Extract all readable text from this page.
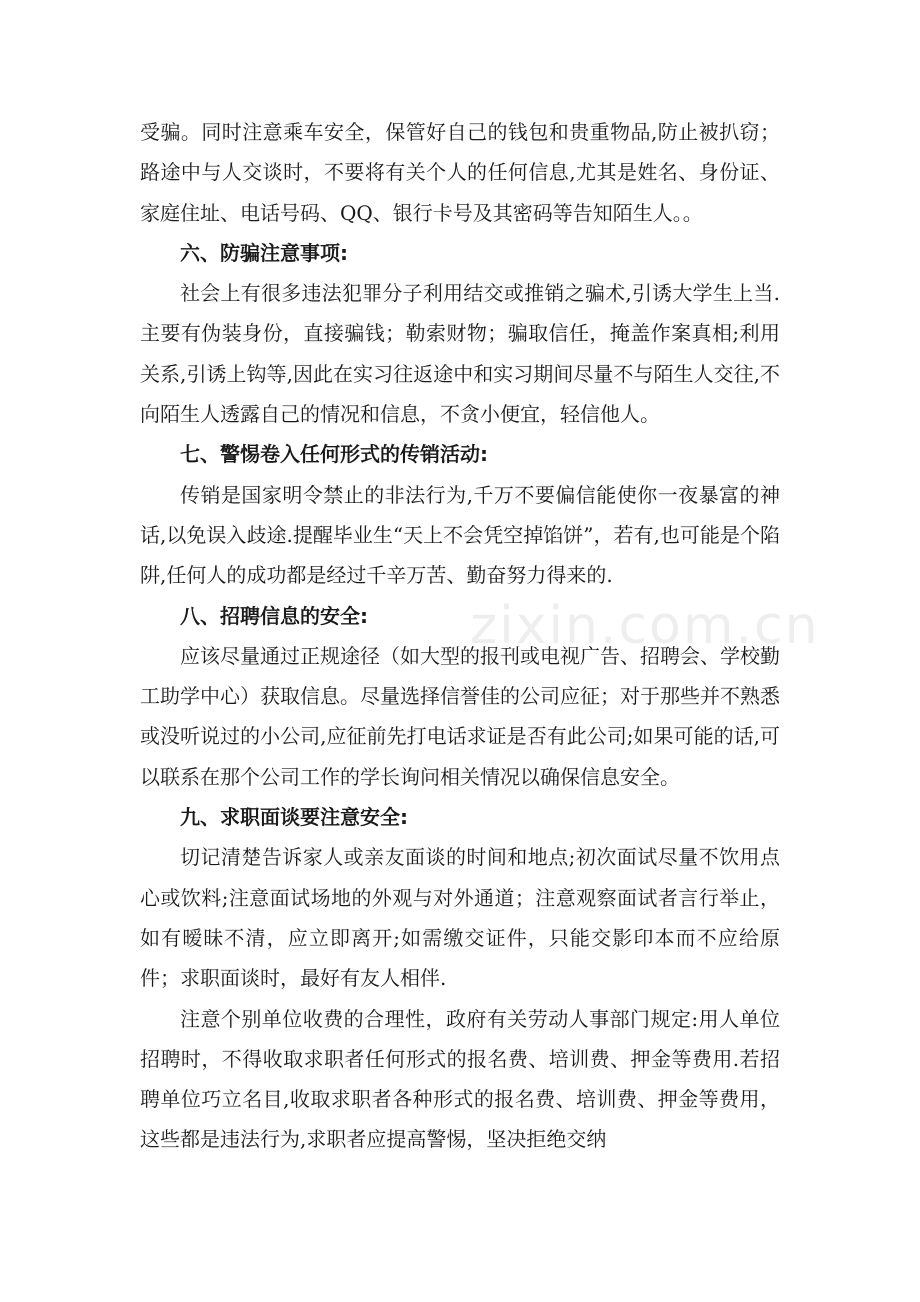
受骗。同时注意乘车安全，保管好自己的钱包和贵重物品,防止被扒窃；路途中与人交谈时，不要将有关个人的任何信息,尤其是姓名、身份证、家庭住址、电话号码、QQ、银行卡号及其密码等告知陌生人。。

六、防骗注意事项:

社会上有很多违法犯罪分子利用结交或推销之骗术,引诱大学生上当.主要有伪装身份，直接骗钱；勒索财物；骗取信任，掩盖作案真相;利用关系,引诱上钩等,因此在实习往返途中和实习期间尽量不与陌生人交往,不向陌生人透露自己的情况和信息，不贪小便宜，轻信他人。

七、警惕卷入任何形式的传销活动:

传销是国家明令禁止的非法行为,千万不要偏信能使你一夜暴富的神话,以免误入歧途.提醒毕业生“天上不会凭空掉馅饼”，若有,也可能是个陷阱,任何人的成功都是经过千辛万苦、勤奋努力得来的.

八、招聘信息的安全:

应该尽量通过正规途径（如大型的报刊或电视广告、招聘会、学校勤工助学中心）获取信息。尽量选择信誉佳的公司应征；对于那些并不熟悉或没听说过的小公司,应征前先打电话求证是否有此公司;如果可能的话,可以联系在那个公司工作的学长询问相关情况以确保信息安全。

九、求职面谈要注意安全:

切记清楚告诉家人或亲友面谈的时间和地点;初次面试尽量不饮用点心或饮料;注意面试场地的外观与对外通道；注意观察面试者言行举止，如有暧昧不清，应立即离开;如需缴交证件，只能交影印本而不应给原件；求职面谈时，最好有友人相伴.

注意个别单位收费的合理性，政府有关劳动人事部门规定:用人单位招聘时，不得收取求职者任何形式的报名费、培训费、押金等费用.若招聘单位巧立名目,收取求职者各种形式的报名费、培训费、押金等费用，这些都是违法行为,求职者应提高警惕，坚决拒绝交纳

zixin.com.cn
